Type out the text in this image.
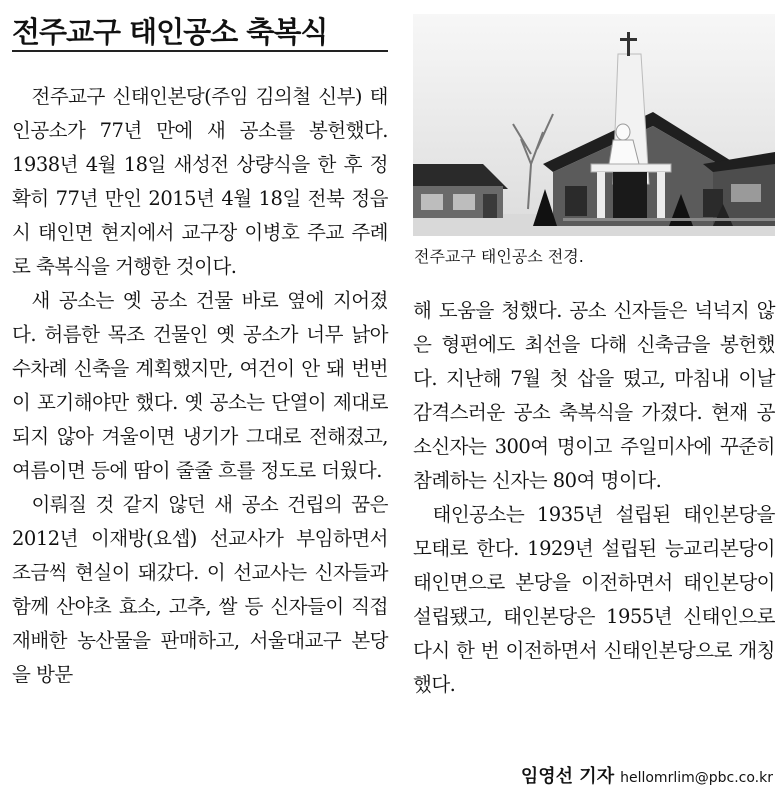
전주교구 태인공소 축복식

전주교구 신태인본당(주임 김의철 신부) 태인공소가 77년 만에 새 공소를 봉헌했다. 1938년 4월 18일 새성전 상량식을 한 후 정확히 77년 만인 2015년 4월 18일 전북 정읍시 태인면 현지에서 교구장 이병호 주교 주례로 축복식을 거행한 것이다.

새 공소는 옛 공소 건물 바로 옆에 지어졌다. 허름한 목조 건물인 옛 공소가 너무 낡아 수차례 신축을 계획했지만, 여건이 안 돼 번번이 포기해야만 했다. 옛 공소는 단열이 제대로 되지 않아 겨울이면 냉기가 그대로 전해졌고, 여름이면 등에 땀이 줄줄 흐를 정도로 더웠다.

이뤄질 것 같지 않던 새 공소 건립의 꿈은 2012년 이재방(요셉) 선교사가 부임하면서 조금씩 현실이 돼갔다. 이 선교사는 신자들과 함께 산야초 효소, 고추, 쌀 등 신자들이 직접 재배한 농산물을 판매하고, 서울대교구 본당을 방문

전주교구 태인공소 전경.

해 도움을 청했다. 공소 신자들은 넉넉지 않은 형편에도 최선을 다해 신축금을 봉헌했다. 지난해 7월 첫 삽을 떴고, 마침내 이날 감격스러운 공소 축복식을 가졌다. 현재 공소신자는 300여 명이고 주일미사에 꾸준히 참례하는 신자는 80여 명이다.

태인공소는 1935년 설립된 태인본당을 모태로 한다. 1929년 설립된 능교리본당이 태인면으로 본당을 이전하면서 태인본당이 설립됐고, 태인본당은 1955년 신태인으로 다시 한 번 이전하면서 신태인본당으로 개칭했다.

임영선 기자 hellomrlim@pbc.co.kr
